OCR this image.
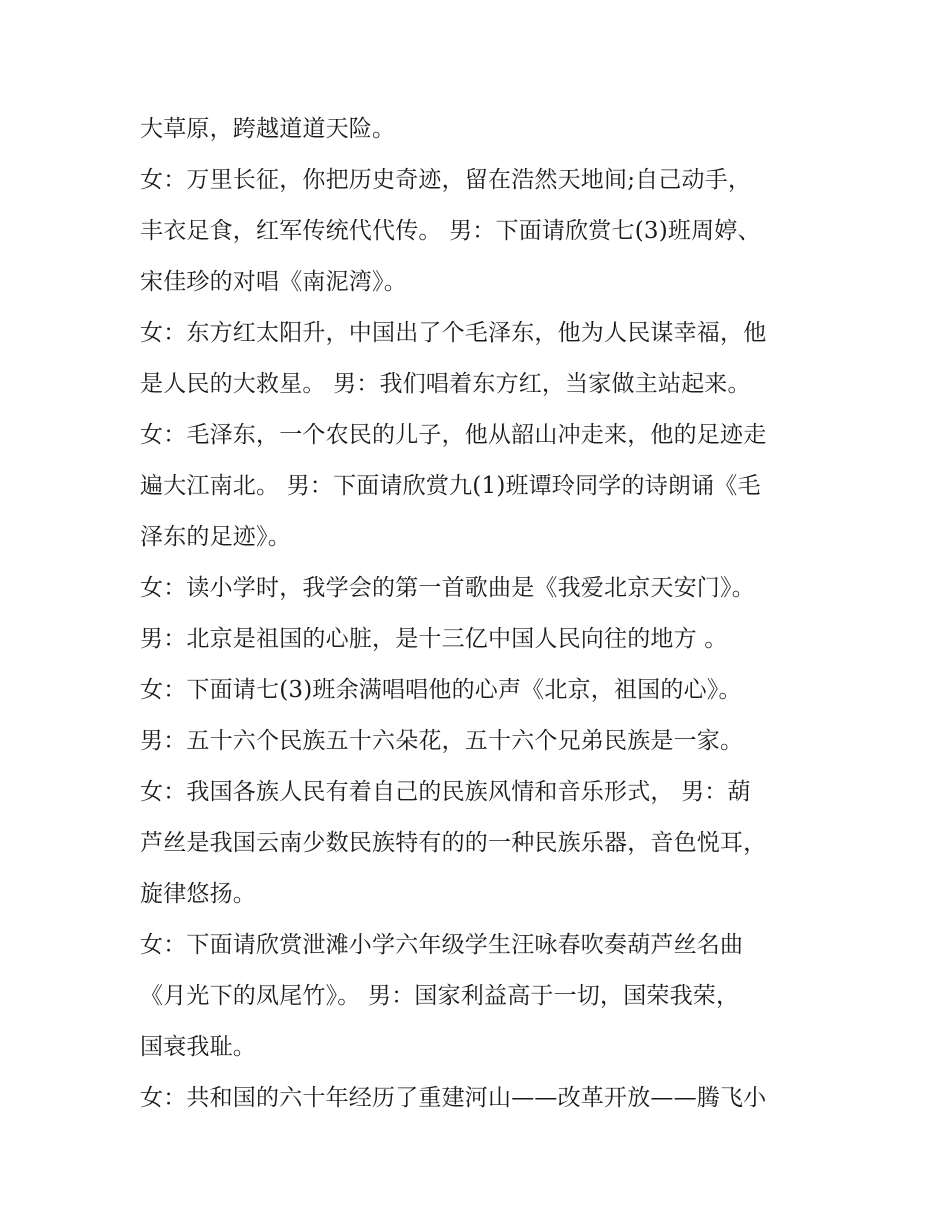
大草原，跨越道道天险。
女：万里长征，你把历史奇迹，留在浩然天地间;自己动手，
丰衣足食，红军传统代代传。 男：下面请欣赏七(3)班周婷、
宋佳珍的对唱《南泥湾》。
女：东方红太阳升，中国出了个毛泽东，他为人民谋幸福，他
是人民的大救星。 男：我们唱着东方红，当家做主站起来。
女：毛泽东，一个农民的儿子，他从韶山冲走来，他的足迹走
遍大江南北。 男：下面请欣赏九(1)班谭玲同学的诗朗诵《毛
泽东的足迹》。
女：读小学时，我学会的第一首歌曲是《我爱北京天安门》。
男：北京是祖国的心脏，是十三亿中国人民向往的地方 。
女：下面请七(3)班余满唱唱他的心声《北京，祖国的心》。
男：五十六个民族五十六朵花，五十六个兄弟民族是一家。
女：我国各族人民有着自己的民族风情和音乐形式， 男：葫
芦丝是我国云南少数民族特有的的一种民族乐器，音色悦耳，
旋律悠扬。
女：下面请欣赏泄滩小学六年级学生汪咏春吹奏葫芦丝名曲
《月光下的凤尾竹》。 男：国家利益高于一切，国荣我荣，
国衰我耻。
女：共和国的六十年经历了重建河山——改革开放——腾飞小
